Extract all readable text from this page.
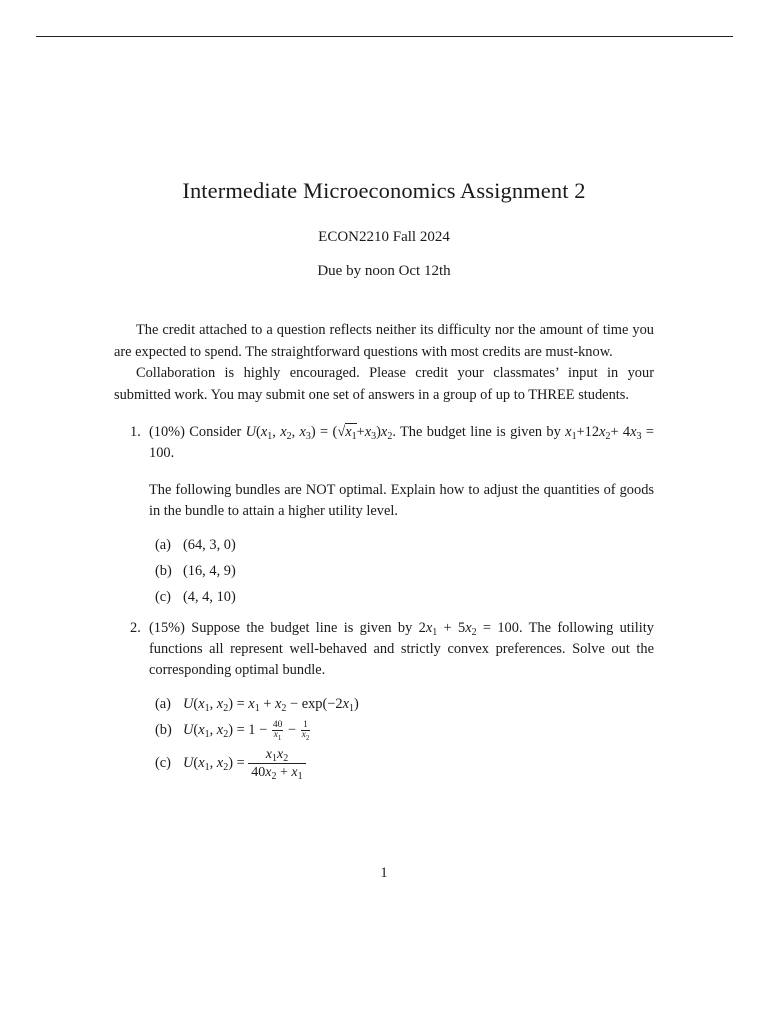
Intermediate Microeconomics Assignment 2
ECON2210 Fall 2024
Due by noon Oct 12th

The credit attached to a question reflects neither its difficulty nor the amount of time you are expected to spend. The straightforward questions with most credits are must-know.

Collaboration is highly encouraged. Please credit your classmates’ input in your submitted work. You may submit one set of answers in a group of up to THREE students.

1. (10%) Consider $U(x_1$, $x_2$, $x_3) = (√x_1+x_3)x_2$. The budget line is given by $x_1+12x_2+ 4x_3 = 100$.

The following bundles are NOT optimal. Explain how to adjust the quantities of goods in the bundle to attain a higher utility level.

(a) (64, 3, 0)
(b) (16, 4, 9)
(c) (4, 4, 10)
2. (15%) Suppose the budget line is given by $2x_1 + 5x_2 = 100$. The following utility functions all represent well-behaved and strictly convex preferences. Solve out the corresponding optimal bundle.

(a) $U(x_1$, $x_2) = x_1 + x_2 - \exp(-2x_1)$
(b) $U(x_1$, $x_2) = 1 - \frac{40}{x_1} - \frac{1}{x_2}$
(c) $U(x_1$, $x_2) = \frac{x_1x_2}{40x_2 + x_1}$
1
